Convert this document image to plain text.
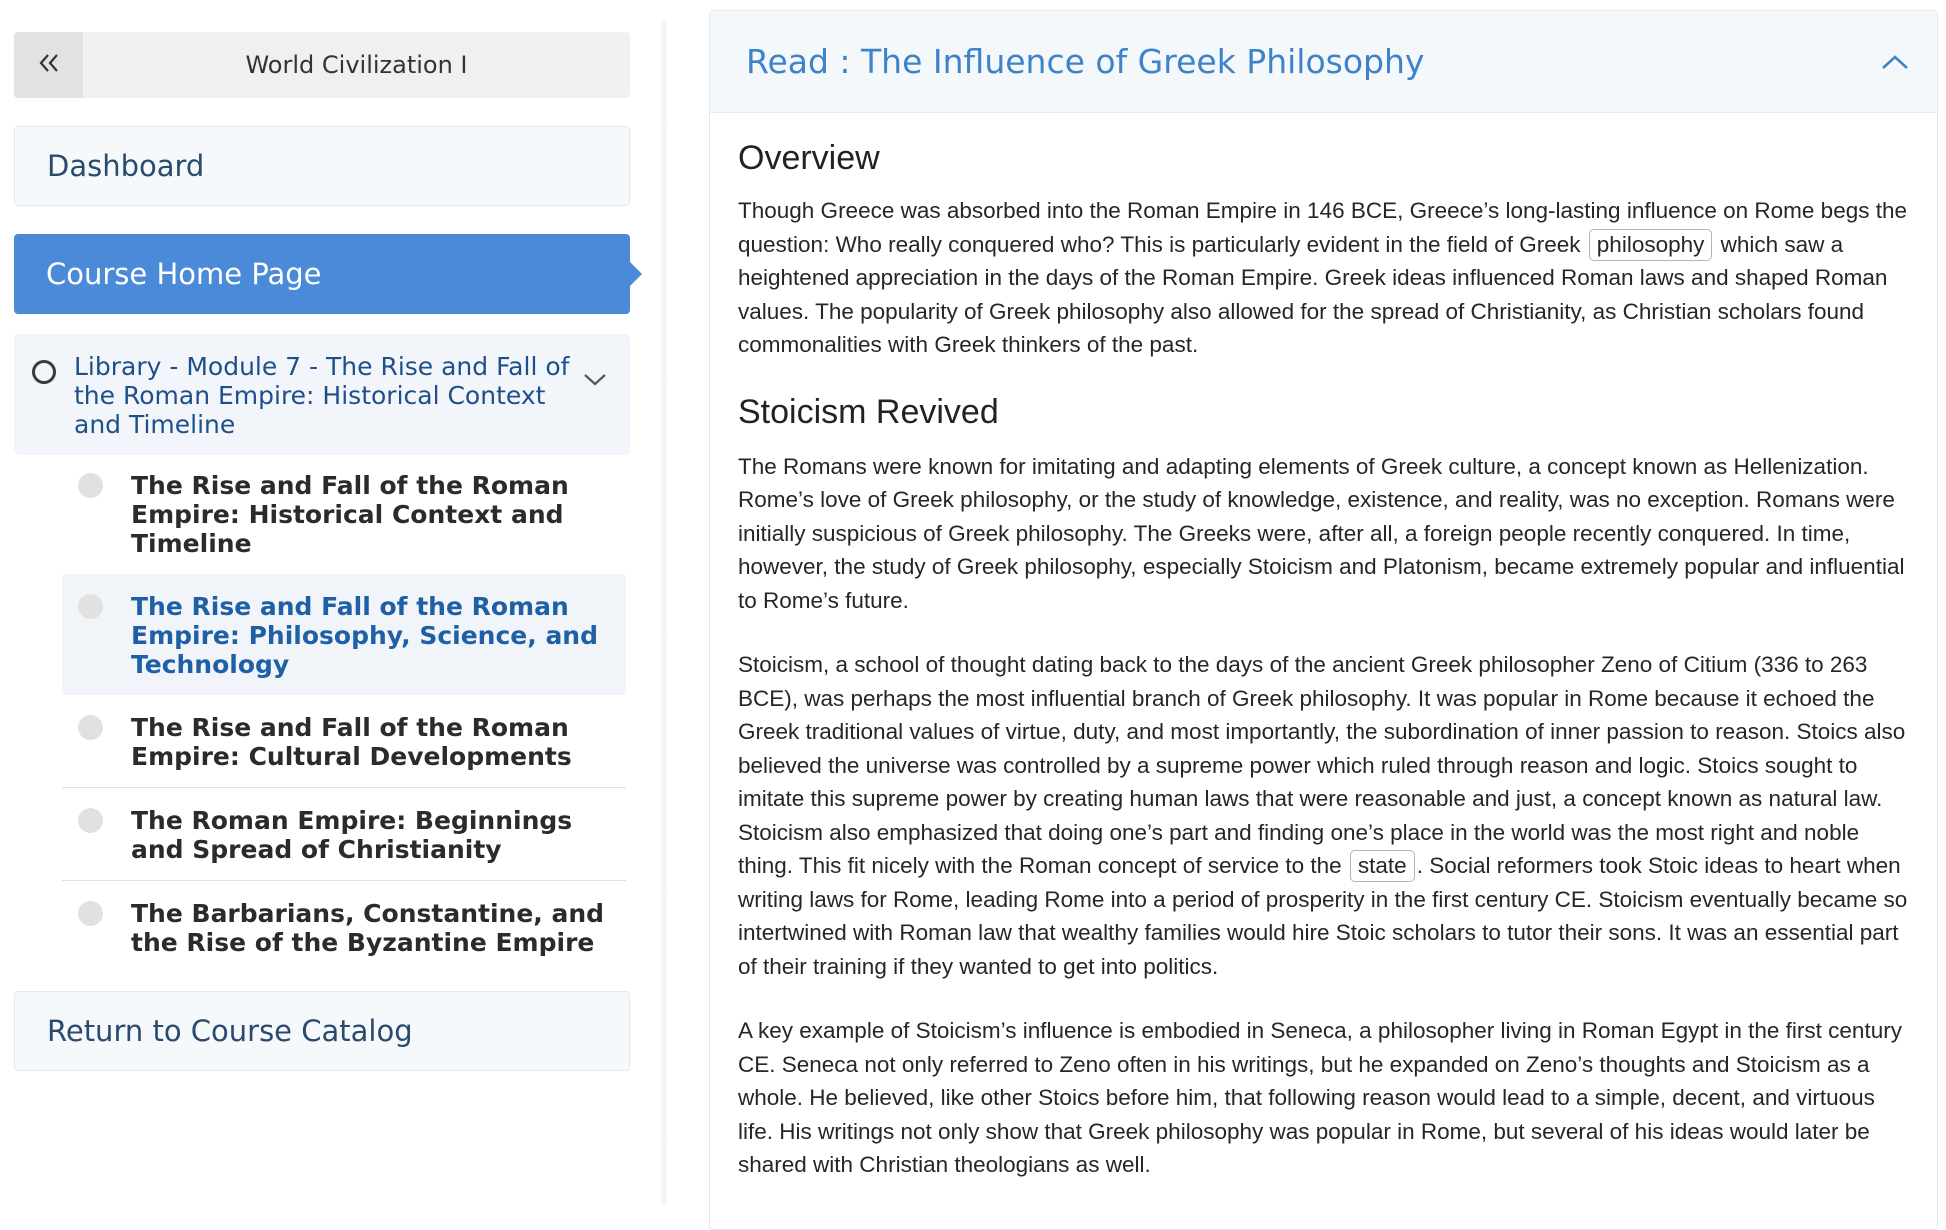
World Civilization I
Dashboard
Course Home Page
Library - Module 7 - The Rise and Fall of the Roman Empire: Historical Context and Timeline
The Rise and Fall of the Roman Empire: Historical Context and Timeline
The Rise and Fall of the Roman Empire: Philosophy, Science, and Technology
The Rise and Fall of the Roman Empire: Cultural Developments
The Roman Empire: Beginnings and Spread of Christianity
The Barbarians, Constantine, and the Rise of the Byzantine Empire
Return to Course Catalog
Read : The Influence of Greek Philosophy
Overview

Though Greece was absorbed into the Roman Empire in 146 BCE, Greece’s long-lasting influence on Rome begs the question: Who really conquered who? This is particularly evident in the field of Greek philosophy which saw a heightened appreciation in the days of the Roman Empire. Greek ideas influenced Roman laws and shaped Roman values. The popularity of Greek philosophy also allowed for the spread of Christianity, as Christian scholars found commonalities with Greek thinkers of the past.

Stoicism Revived

The Romans were known for imitating and adapting elements of Greek culture, a concept known as Hellenization. Rome’s love of Greek philosophy, or the study of knowledge, existence, and reality, was no exception. Romans were initially suspicious of Greek philosophy. The Greeks were, after all, a foreign people recently conquered. In time, however, the study of Greek philosophy, especially Stoicism and Platonism, became extremely popular and influential to Rome’s future.

Stoicism, a school of thought dating back to the days of the ancient Greek philosopher Zeno of Citium (336 to 263 BCE), was perhaps the most influential branch of Greek philosophy. It was popular in Rome because it echoed the Greek traditional values of virtue, duty, and most importantly, the subordination of inner passion to reason. Stoics also believed the universe was controlled by a supreme power which ruled through reason and logic. Stoics sought to imitate this supreme power by creating human laws that were reasonable and just, a concept known as natural law. Stoicism also emphasized that doing one’s part and finding one’s place in the world was the most right and noble thing. This fit nicely with the Roman concept of service to the state . Social reformers took Stoic ideas to heart when writing laws for Rome, leading Rome into a period of prosperity in the first century CE. Stoicism eventually became so intertwined with Roman law that wealthy families would hire Stoic scholars to tutor their sons. It was an essential part of their training if they wanted to get into politics.

A key example of Stoicism’s influence is embodied in Seneca, a philosopher living in Roman Egypt in the first century CE. Seneca not only referred to Zeno often in his writings, but he expanded on Zeno’s thoughts and Stoicism as a whole. He believed, like other Stoics before him, that following reason would lead to a simple, decent, and virtuous life. His writings not only show that Greek philosophy was popular in Rome, but several of his ideas would later be shared with Christian theologians as well.
